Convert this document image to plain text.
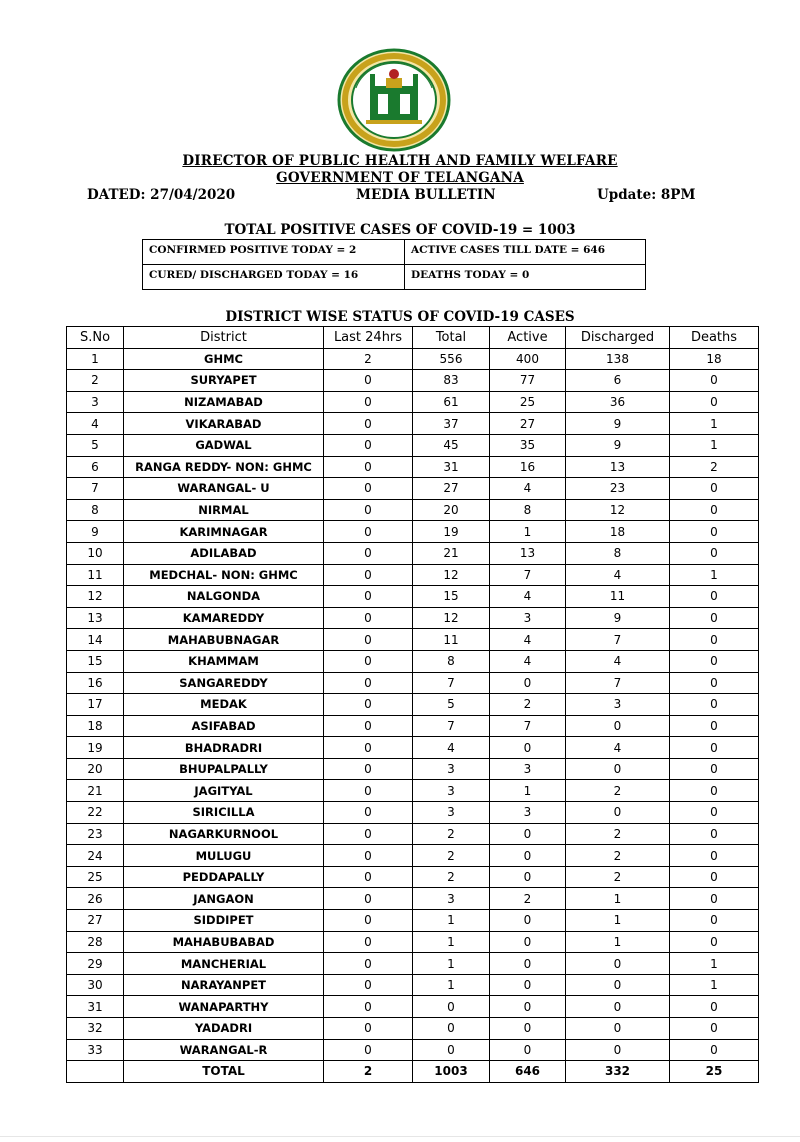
DIRECTOR OF PUBLIC HEALTH AND FAMILY WELFARE
GOVERNMENT OF TELANGANA
DATED: 27/04/2020	MEDIA BULLETIN	Update: 8PM
TOTAL POSITIVE CASES OF COVID-19 = 1003
CONFIRMED POSITIVE TODAY = 2	ACTIVE CASES TILL DATE = 646
CURED/ DISCHARGED TODAY = 16	DEATHS TODAY = 0
DISTRICT WISE STATUS OF COVID-19 CASES
S.No	District	Last 24hrs	Total	Active	Discharged	Deaths
1	GHMC	2	556	400	138	18
2	SURYAPET	0	83	77	6	0
3	NIZAMABAD	0	61	25	36	0
4	VIKARABAD	0	37	27	9	1
5	GADWAL	0	45	35	9	1
6	RANGA REDDY- NON: GHMC	0	31	16	13	2
7	WARANGAL- U	0	27	4	23	0
8	NIRMAL	0	20	8	12	0
9	KARIMNAGAR	0	19	1	18	0
10	ADILABAD	0	21	13	8	0
11	MEDCHAL- NON: GHMC	0	12	7	4	1
12	NALGONDA	0	15	4	11	0
13	KAMAREDDY	0	12	3	9	0
14	MAHABUBNAGAR	0	11	4	7	0
15	KHAMMAM	0	8	4	4	0
16	SANGAREDDY	0	7	0	7	0
17	MEDAK	0	5	2	3	0
18	ASIFABAD	0	7	7	0	0
19	BHADRADRI	0	4	0	4	0
20	BHUPALPALLY	0	3	3	0	0
21	JAGITYAL	0	3	1	2	0
22	SIRICILLA	0	3	3	0	0
23	NAGARKURNOOL	0	2	0	2	0
24	MULUGU	0	2	0	2	0
25	PEDDAPALLY	0	2	0	2	0
26	JANGAON	0	3	2	1	0
27	SIDDIPET	0	1	0	1	0
28	MAHABUBABAD	0	1	0	1	0
29	MANCHERIAL	0	1	0	0	1
30	NARAYANPET	0	1	0	0	1
31	WANAPARTHY	0	0	0	0	0
32	YADADRI	0	0	0	0	0
33	WARANGAL-R	0	0	0	0	0
	TOTAL	2	1003	646	332	25
